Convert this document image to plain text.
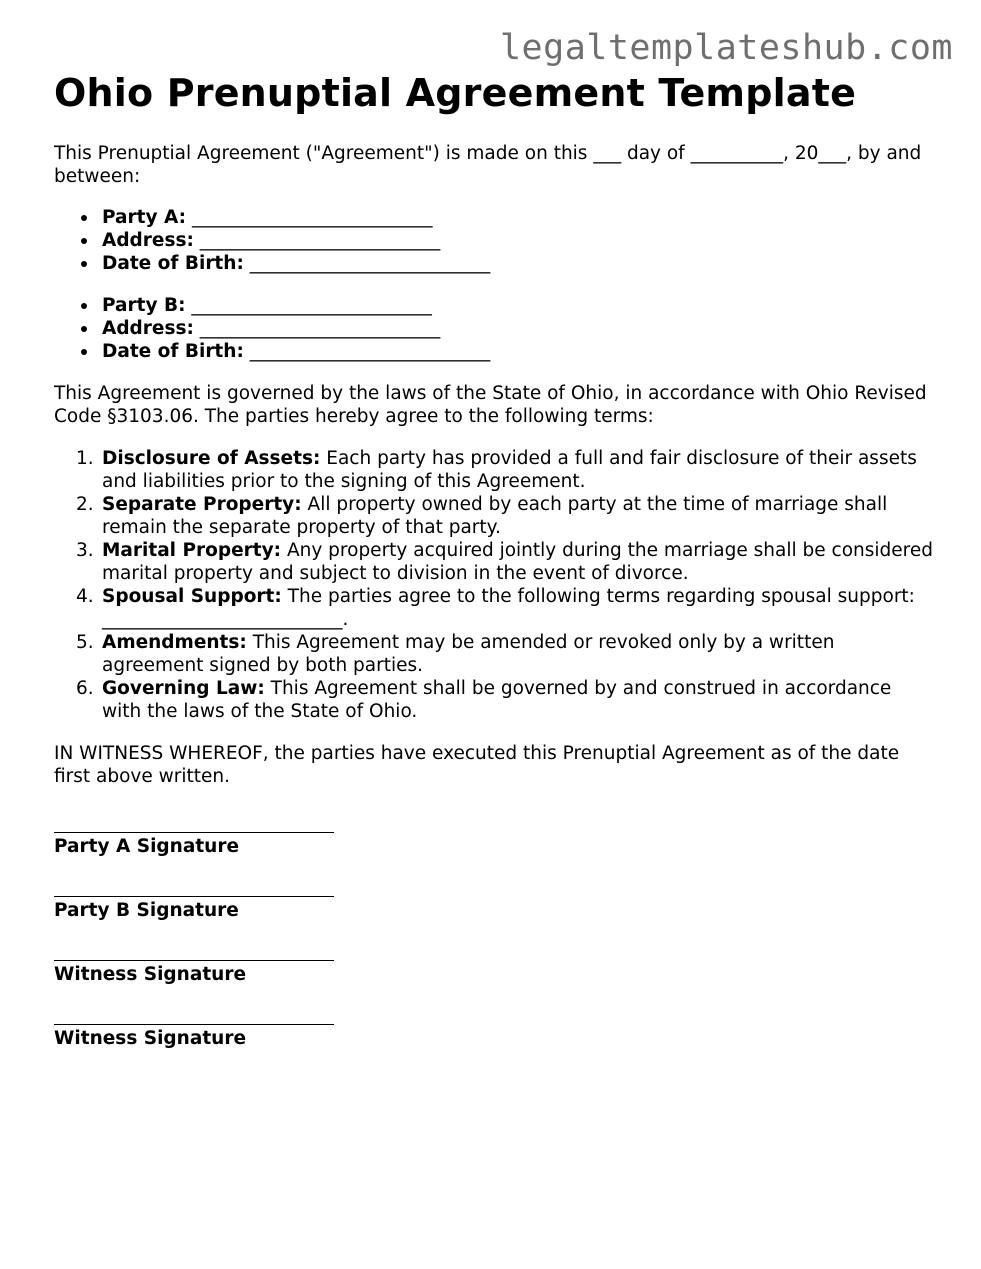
legaltemplateshub.com
Ohio Prenuptial Agreement Template

This Prenuptial Agreement ("Agreement") is made on this ___ day of __________, 20___, by and between:

Party A: __________________________
Address: __________________________
Date of Birth: __________________________
Party B: __________________________
Address: __________________________
Date of Birth: __________________________

This Agreement is governed by the laws of the State of Ohio, in accordance with Ohio Revised Code §3103.06. The parties hereby agree to the following terms:

1. Disclosure of Assets: Each party has provided a full and fair disclosure of their assets and liabilities prior to the signing of this Agreement.
2. Separate Property: All property owned by each party at the time of marriage shall remain the separate property of that party.
3. Marital Property: Any property acquired jointly during the marriage shall be considered marital property and subject to division in the event of divorce.
4. Spousal Support: The parties agree to the following terms regarding spousal support: __________________________.
5. Amendments: This Agreement may be amended or revoked only by a written agreement signed by both parties.
6. Governing Law: This Agreement shall be governed by and construed in accordance with the laws of the State of Ohio.

IN WITNESS WHEREOF, the parties have executed this Prenuptial Agreement as of the date first above written.

Party A Signature
Party B Signature
Witness Signature
Witness Signature
